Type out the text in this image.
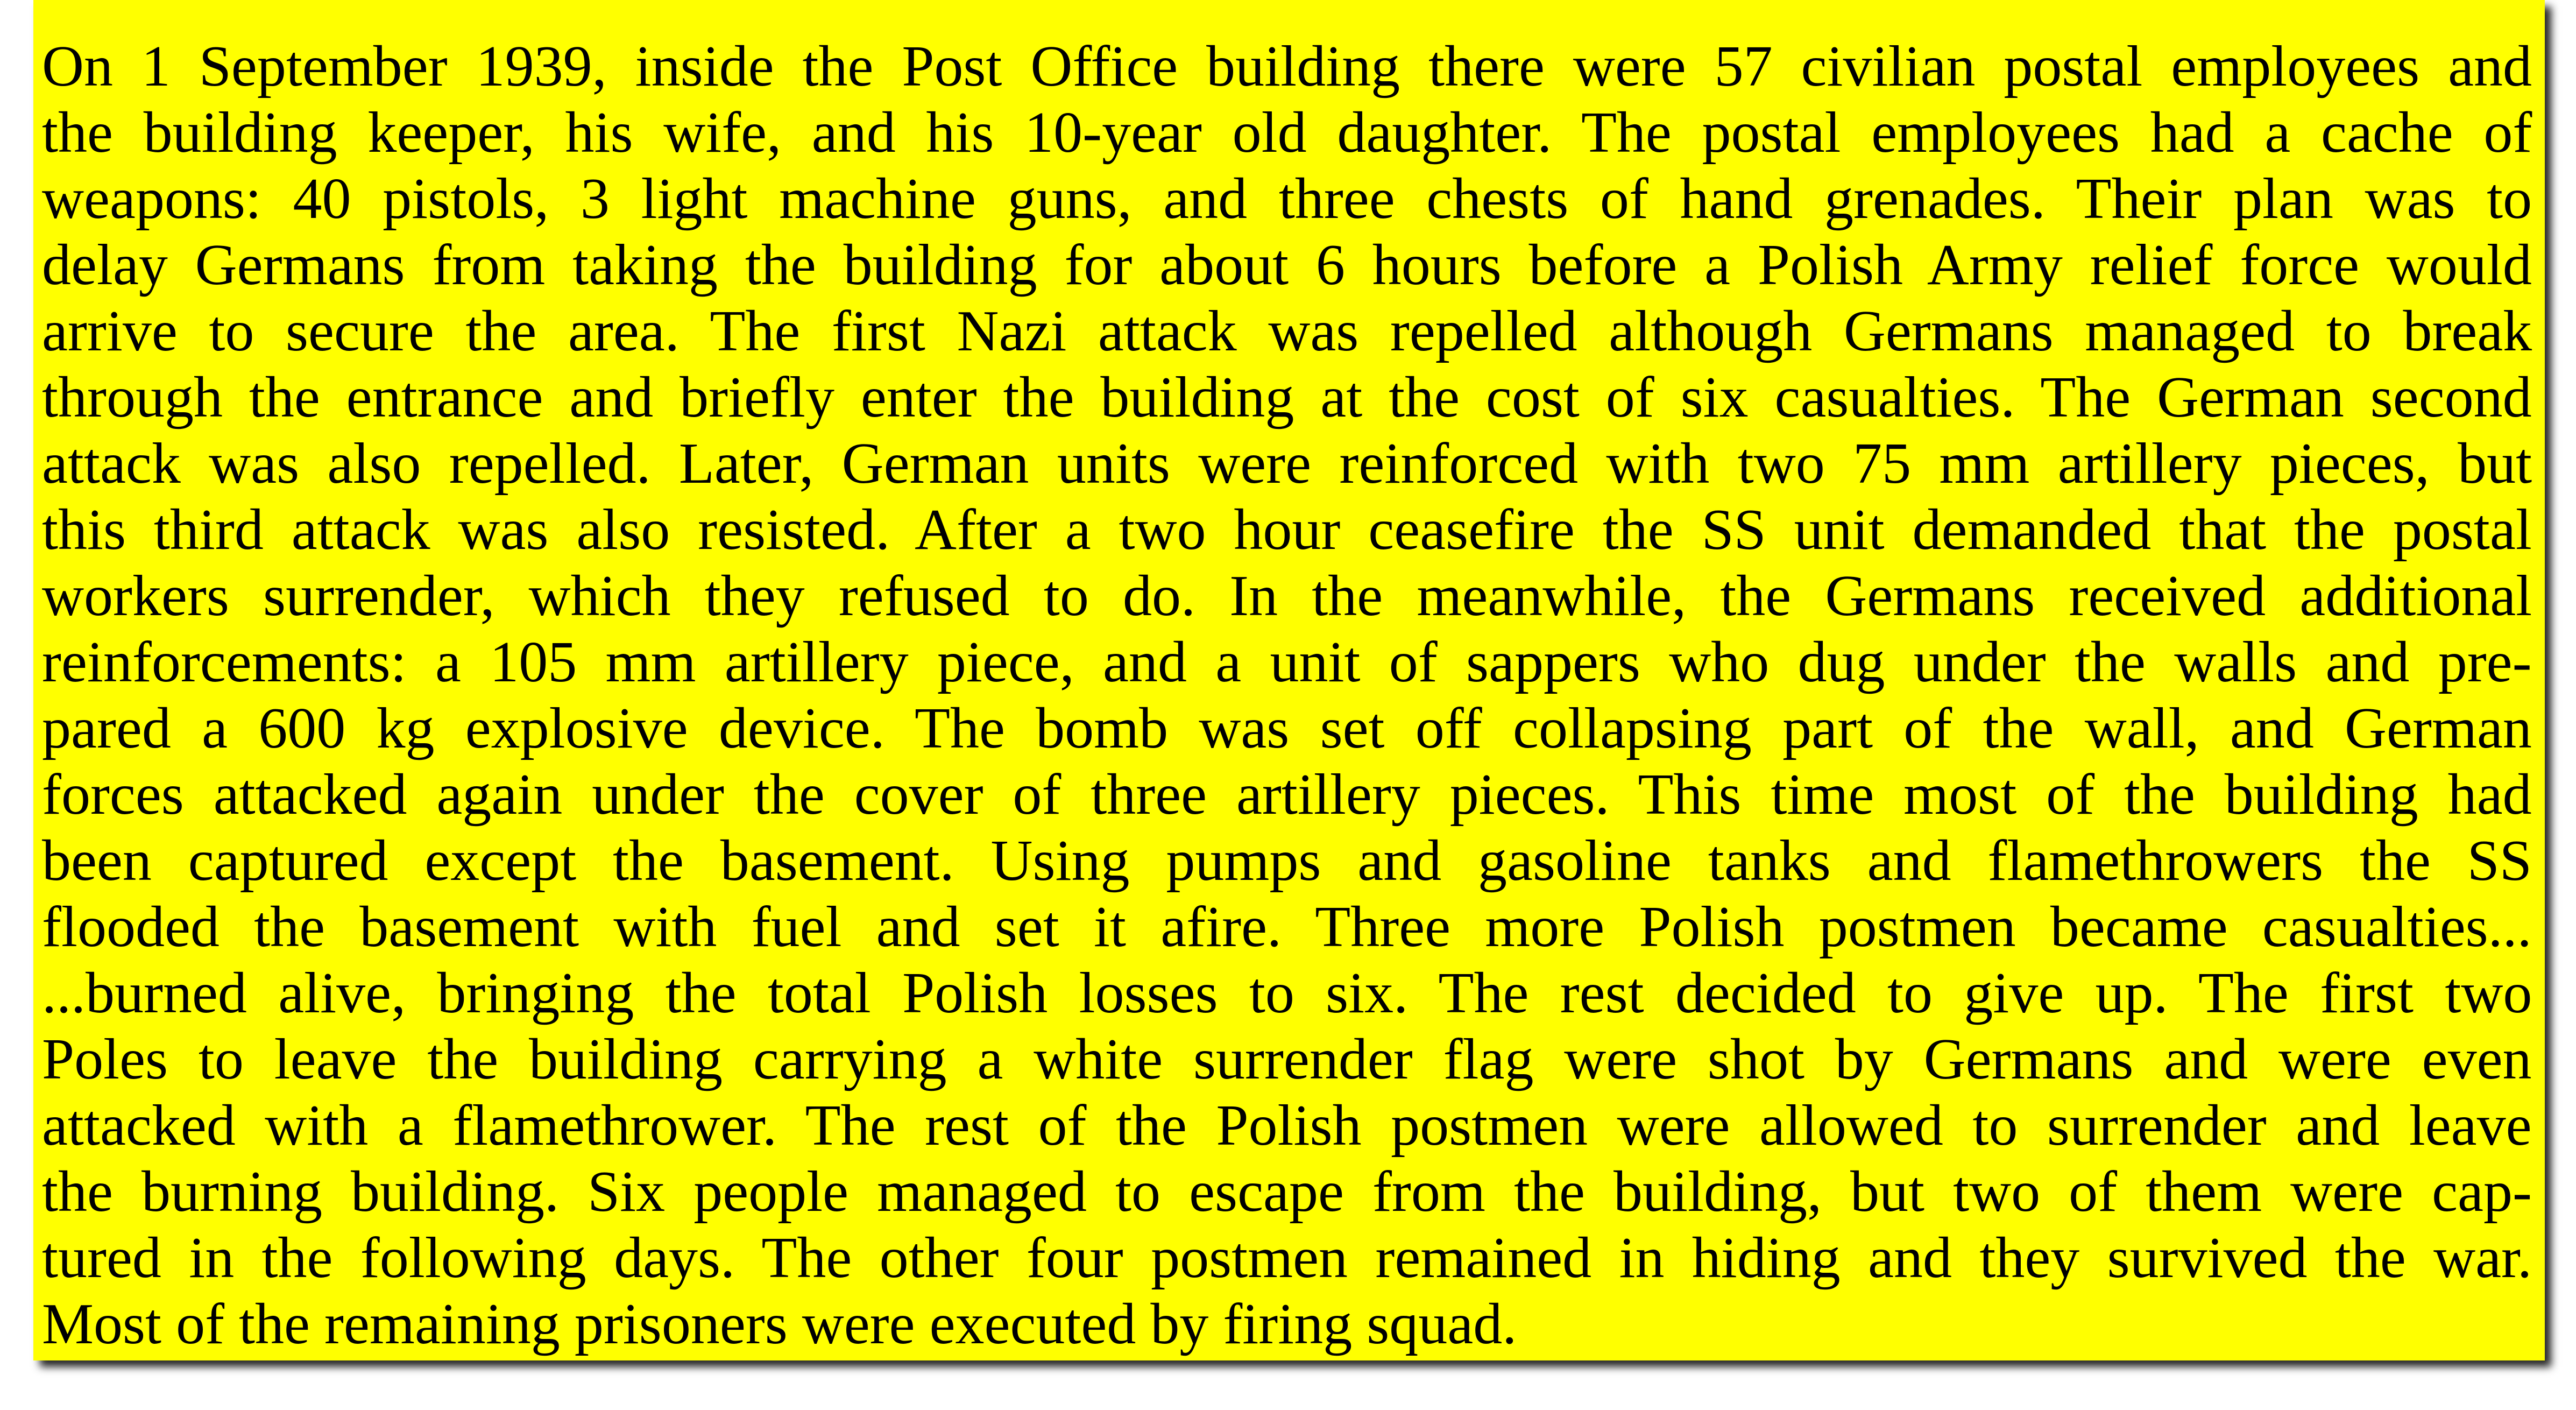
On 1 September 1939, inside the Post Office building there were 57 civilian postal employees and
the building keeper, his wife, and his 10-year old daughter. The postal employees had a cache of
weapons: 40 pistols, 3 light machine guns, and three chests of hand grenades. Their plan was to
delay Germans from taking the building for about 6 hours before a Polish Army relief force would
arrive to secure the area. The first Nazi attack was repelled although Germans managed to break
through the entrance and briefly enter the building at the cost of six casualties. The German second
attack was also repelled. Later, German units were reinforced with two 75 mm artillery pieces, but
this third attack was also resisted. After a two hour ceasefire the SS unit demanded that the postal
workers surrender, which they refused to do. In the meanwhile, the Germans received additional
reinforcements: a 105 mm artillery piece, and a unit of sappers who dug under the walls and pre-
pared a 600 kg explosive device. The bomb was set off collapsing part of the wall, and German
forces attacked again under the cover of three artillery pieces. This time most of the building had
been captured except the basement. Using pumps and gasoline tanks and flamethrowers the SS
flooded the basement with fuel and set it afire. Three more Polish postmen became casualties...
...burned alive, bringing the total Polish losses to six. The rest decided to give up. The first two
Poles to leave the building carrying a white surrender flag were shot by Germans and were even
attacked with a flamethrower. The rest of the Polish postmen were allowed to surrender and leave
the burning building. Six people managed to escape from the building, but two of them were cap-
tured in the following days. The other four postmen remained in hiding and they survived the war.
Most of the remaining prisoners were executed by firing squad.
